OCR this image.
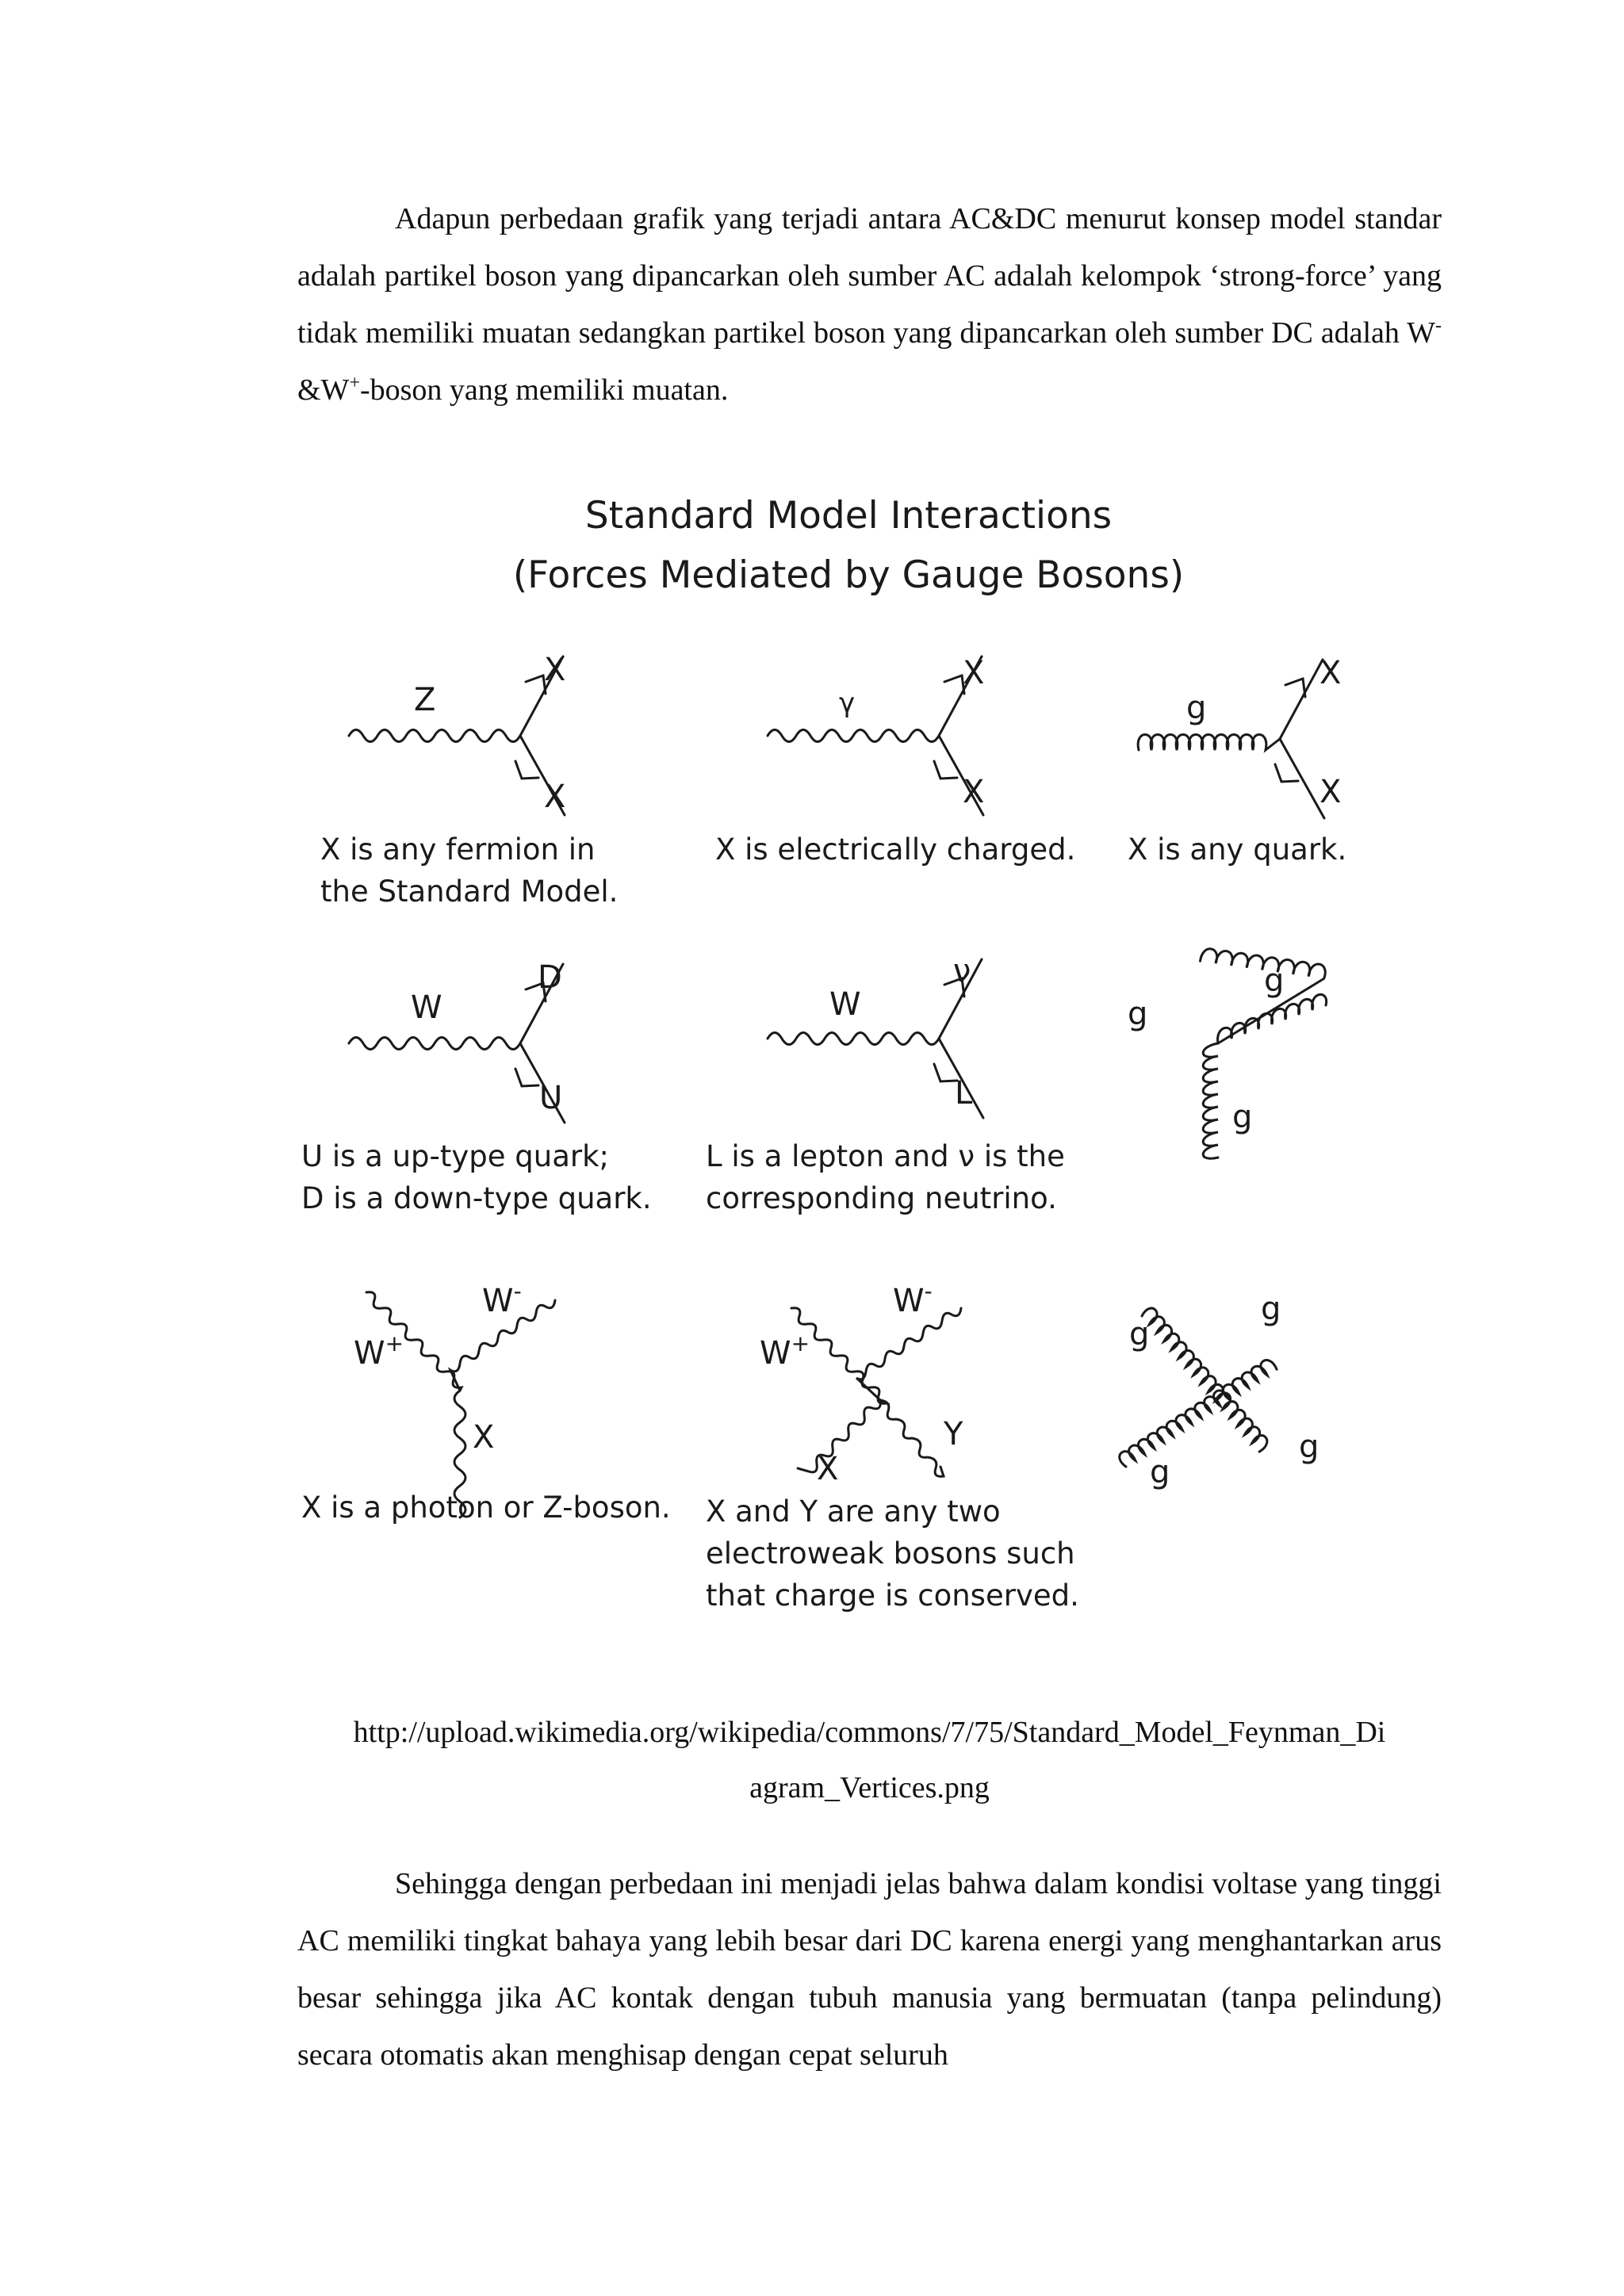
Adapun perbedaan grafik yang terjadi antara AC&DC menurut konsep model standar adalah partikel boson yang dipancarkan oleh sumber AC adalah kelompok ‘strong-force’ yang tidak memiliki muatan sedangkan partikel boson yang dipancarkan oleh sumber DC adalah W-&W+-boson yang memiliki muatan.

Standard Model Interactions

(Forces Mediated by Gauge Bosons)

Z
X
X
γ
X
X
g
X
X
W
D
U
W
ν
L
g
g
g
W+
W-
X
W+
W-
X
Y
g
g
g
g
X is any fermion in
the Standard Model.
X is electrically charged. X is any quark.
U is a up-type quark;
D is a down-type quark.
L is a lepton and ν is the
corresponding neutrino.
X is a photon or Z-boson. X and Y are any two
electroweak bosons such
that charge is conserved.
http://upload.wikimedia.org/wikipedia/commons/7/75/Standard_Model_Feynman_Di
agram_Vertices.png

Sehingga dengan perbedaan ini menjadi jelas bahwa dalam kondisi voltase yang tinggi AC memiliki tingkat bahaya yang lebih besar dari DC karena energi yang menghantarkan arus besar sehingga jika AC kontak dengan tubuh manusia yang bermuatan (tanpa pelindung) secara otomatis akan menghisap dengan cepat seluruh
